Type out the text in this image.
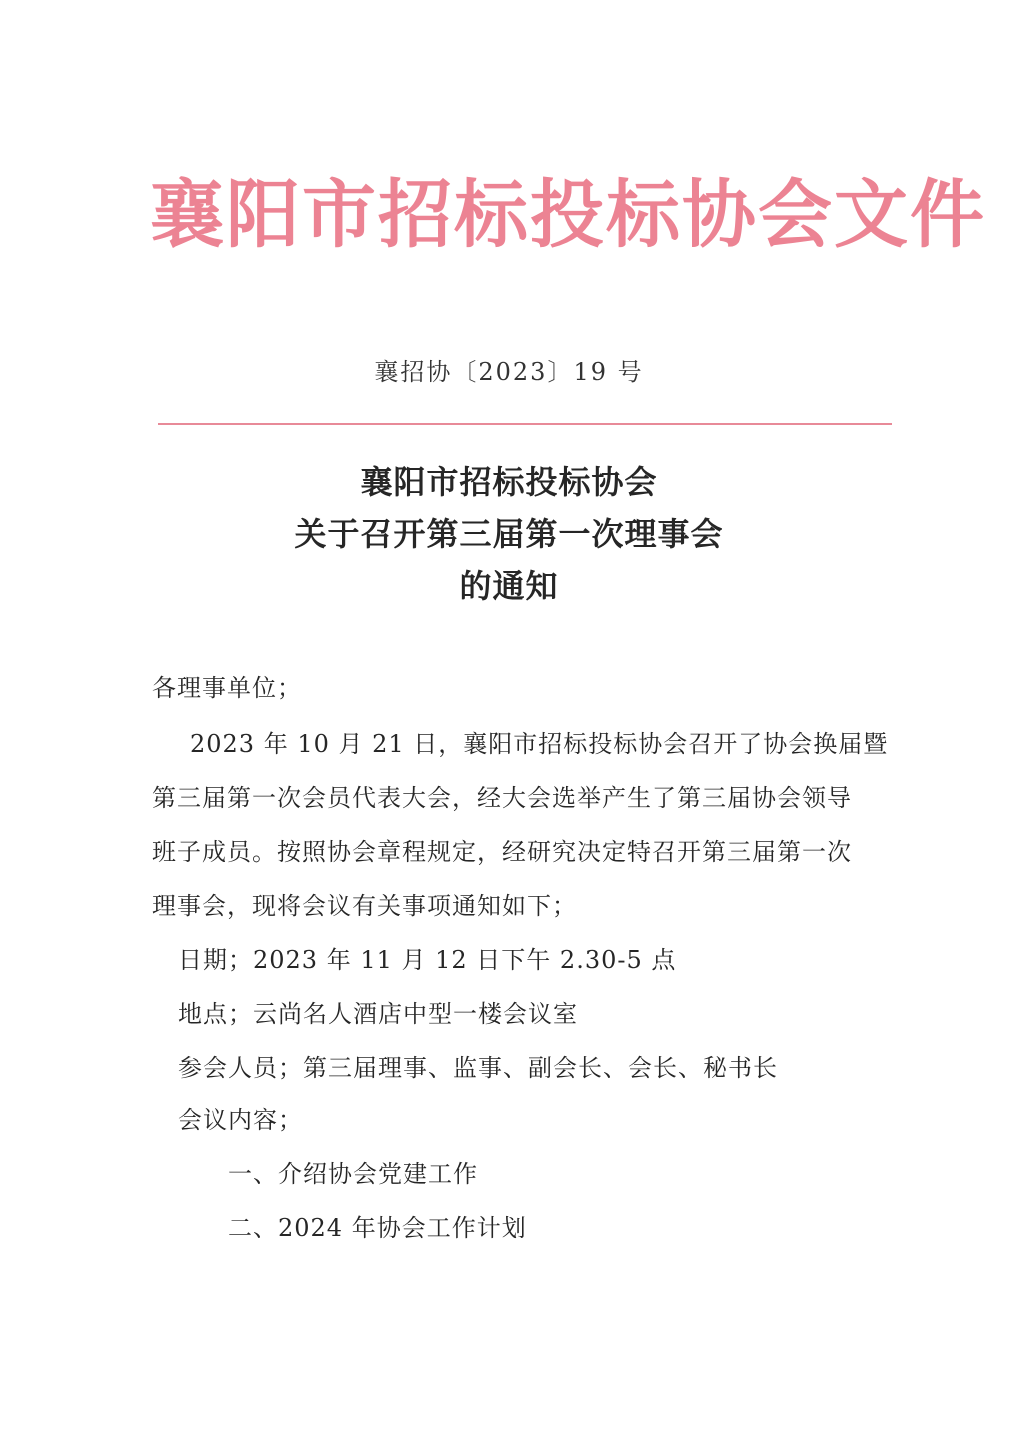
襄阳市招标投标协会文件
襄招协〔2023〕19 号
襄阳市招标投标协会
关于召开第三届第一次理事会
的通知
各理事单位；
2023 年 10 月 21 日，襄阳市招标投标协会召开了协会换届暨
第三届第一次会员代表大会，经大会选举产生了第三届协会领导
班子成员。按照协会章程规定，经研究决定特召开第三届第一次
理事会，现将会议有关事项通知如下；
日期；2023 年 11 月 12 日下午 2.30-5 点
地点；云尚名人酒店中型一楼会议室
参会人员；第三届理事、监事、副会长、会长、秘书长
会议内容；
一、介绍协会党建工作
二、2024 年协会工作计划
